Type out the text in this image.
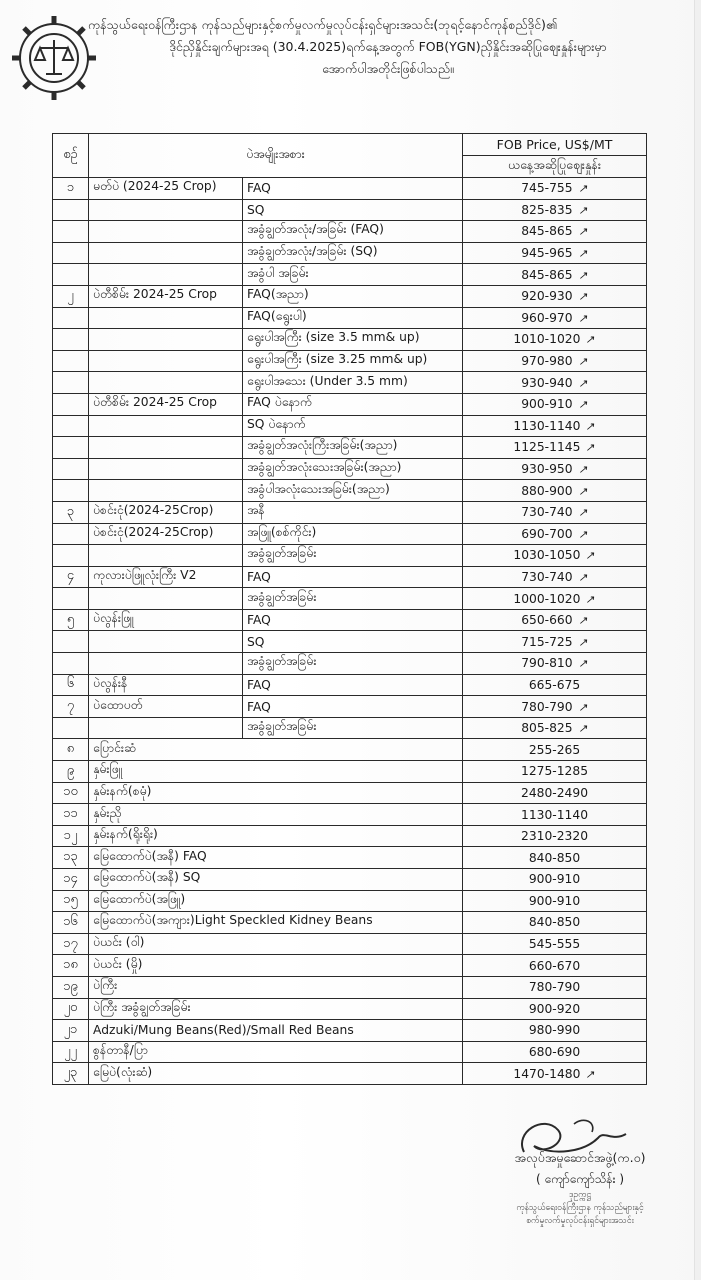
ကုန်သွယ်ရေးဝန်ကြီးဌာန ကုန်သည်များနှင့်စက်မှုလက်မှုလုပ်ငန်းရှင်များအသင်း(ဘုရင့်နောင်ကုန်စည်ဒိုင်)၏
ဒိုင်ညှိနှိုင်းချက်များအရ (30.4.2025)ရက်နေ့အတွက် FOB(YGN)ညှိနှိုင်းအဆိုပြုဈေးနှုန်းများမှာ
အောက်ပါအတိုင်းဖြစ်ပါသည်။
စဉ်	ပဲအမျိုးအစား		FOB Price, US$/MT
			ယနေ့အဆိုပြုဈေးနှုန်း
၁	မတ်ပဲ (2024-25 Crop)	FAQ	745-755 ↗
		SQ	825-835 ↗
		အခွံချွတ်အလုံး/အခြမ်း (FAQ)	845-865 ↗
		အခွံချွတ်အလုံး/အခြမ်း (SQ)	945-965 ↗
		အခွံပါ အခြမ်း	845-865 ↗
၂	ပဲတီစိမ်း 2024-25 Crop	FAQ(အညာ)	920-930 ↗
		FAQ(ရွေးပါ)	960-970 ↗
		ရွေးပါအကြီး (size 3.5 mm& up)	1010-1020 ↗
		ရွေးပါအကြီး (size 3.25 mm& up)	970-980 ↗
		ရွေးပါအသေး (Under 3.5 mm)	930-940 ↗
	ပဲတီစိမ်း 2024-25 Crop	FAQ ပဲနောက်	900-910 ↗
		SQ ပဲနောက်	1130-1140 ↗
		အခွံချွတ်အလုံးကြီးအခြမ်း(အညာ)	1125-1145 ↗
		အခွံချွတ်အလုံးသေးအခြမ်း(အညာ)	930-950 ↗
		အခွံပါအလုံးသေးအခြမ်း(အညာ)	880-900 ↗
၃	ပဲစင်းငုံ(2024-25Crop)	အနီ	730-740 ↗
	ပဲစင်းငုံ(2024-25Crop)	အဖြူ(စစ်ကိုင်း)	690-700 ↗
		အခွံချွတ်အခြမ်း	1030-1050 ↗
၄	ကုလားပဲဖြူလုံးကြီး V2	FAQ	730-740 ↗
		အခွံချွတ်အခြမ်း	1000-1020 ↗
၅	ပဲလွန်းဖြူ	FAQ	650-660 ↗
		SQ	715-725 ↗
		အခွံချွတ်အခြမ်း	790-810 ↗
၆	ပဲလွန်းနီ	FAQ	665-675
၇	ပဲထောပတ်	FAQ	780-790 ↗
		အခွံချွတ်အခြမ်း	805-825 ↗
၈	ပြောင်းဆံ		255-265
၉	နှမ်းဖြူ		1275-1285
၁၀	နှမ်းနက်(စမုံ)		2480-2490
၁၁	နှမ်းညို		1130-1140
၁၂	နှမ်းနက်(ရိုးရိုး)		2310-2320
၁၃	မြေထောက်ပဲ(အနီ) FAQ		840-850
၁၄	မြေထောက်ပဲ(အနီ) SQ		900-910
၁၅	မြေထောက်ပဲ(အဖြူ)		900-910
၁၆	မြေထောက်ပဲ(အကျား)Light Speckled Kidney Beans		840-850
၁၇	ပဲယင်း (ဝါ)		545-555
၁၈	ပဲယင်း (မှို)		660-670
၁၉	ပဲကြီး		780-790
၂၀	ပဲကြီး အခွံချွတ်အခြမ်း		900-920
၂၁	Adzuki/Mung Beans(Red)/Small Red Beans		980-990
၂၂	စွန်တာနီ/ပြာ		680-690
၂၃	မြေပဲ(လုံးဆံ)		1470-1480 ↗
အလုပ်အမှုဆောင်အဖွဲ့(က.ဝ)
( ကျော်ကျော်သိန်း )
ဒုဥက္ကဋ္ဌ
ကုန်သွယ်ရေးဝန်ကြီးဌာန ကုန်သည်များနှင့်
စက်မှုလက်မှုလုပ်ငန်းရှင်များအသင်း
